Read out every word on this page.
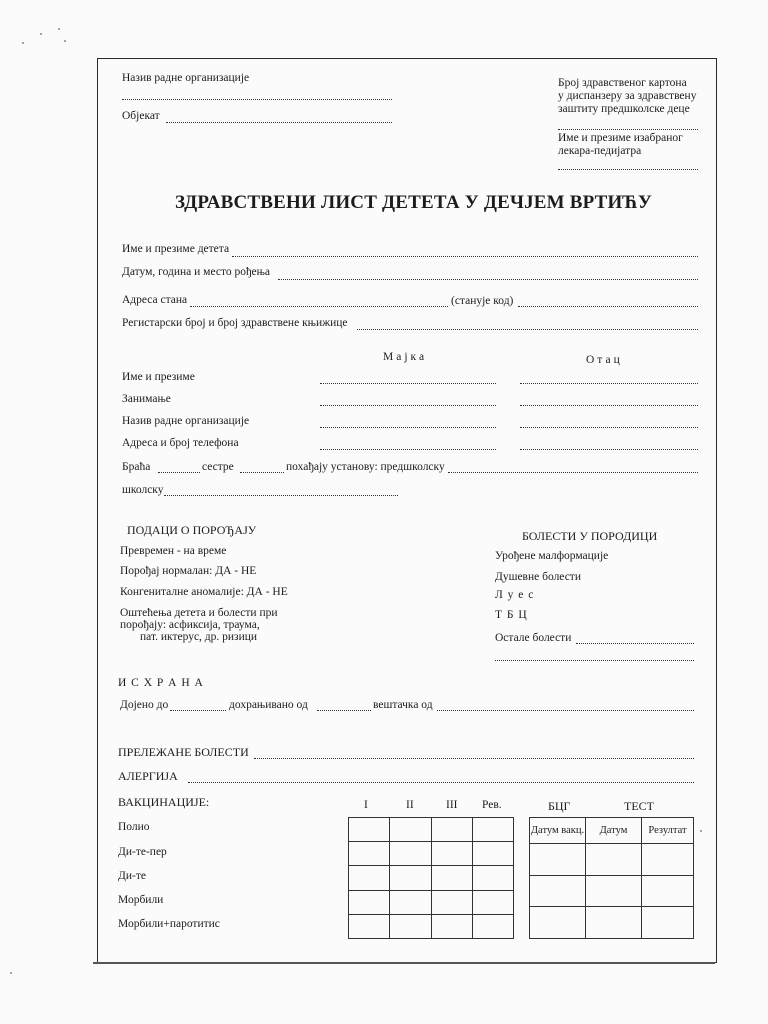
Назив радне организације
Објекат
Број здравственог картона
у диспанзеру за здравствену
заштиту предшколске деце
Име и презиме изабраног
лекара-педијатра
ЗДРАВСТВЕНИ ЛИСТ ДЕТЕТА У ДЕЧЈЕМ ВРТИЋУ
Име и презиме детета
Датум, година и место рођења
Адреса стана	(стануje код)
Регистарски број и број здравствене књижице
Мајка	Отац
Име и презиме
Занимање
Назив радне организације
Адреса и број телефона
Браћа	сестре	похађају установу: предшколску
школску
ПОДАЦИ О ПОРОЂАЈУ
Превремен - на време
Порођај нормалан: ДА - НЕ
Конгениталне аномалије: ДА - НЕ
Оштећења детета и болести при
порођају: асфиксија, траума,
пат. иктерус, др. ризици
БОЛЕСТИ У ПОРОДИЦИ
Урођене малформације
Душевне болести
Л у е с
Т Б Ц
Остале болести
И С Х Р А Н А
Дојено до	дохрањивано од	вештачка од
ПРЕЛЕЖАНЕ БОЛЕСТИ
АЛЕРГИЈА
ВАКЦИНАЦИЈЕ:	I	II	III Рев.	БЦГ	ТЕСТ
Полио
Ди-те-пер
Ди-те
Морбили
Морбили+паротитис

Датум вакц.	Датум	Резултат
